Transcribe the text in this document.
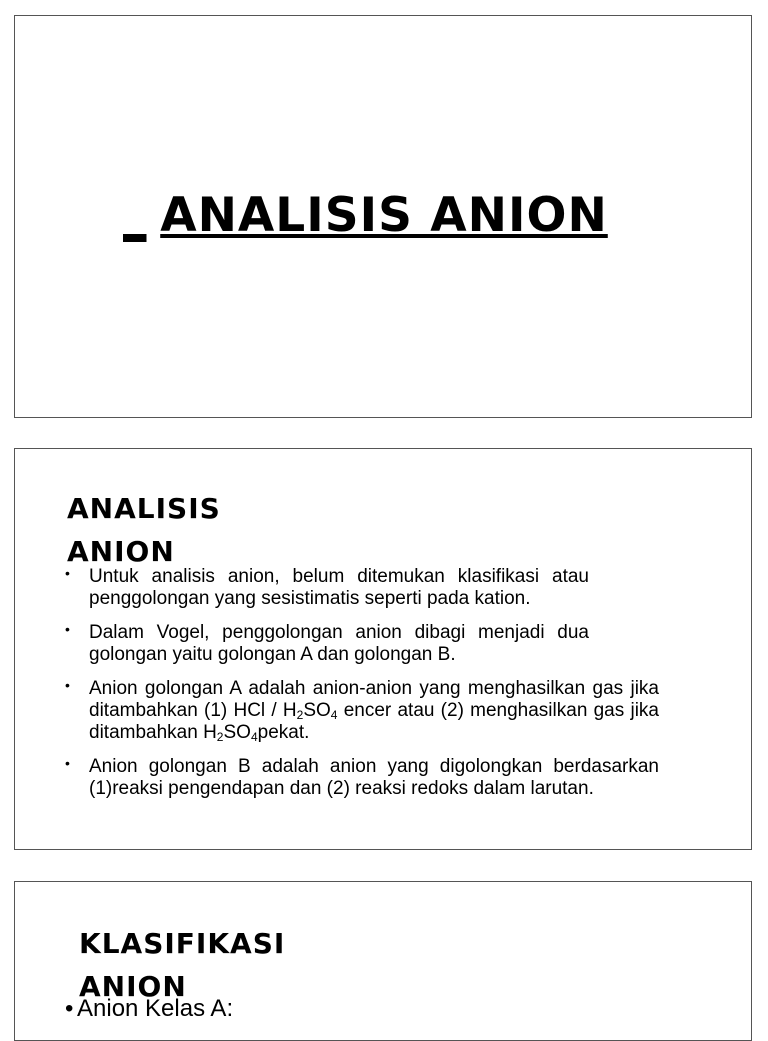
_ ANALISIS ANION
ANALISIS
ANION
• Untuk analisis anion, belum ditemukan klasifikasi atau penggolongan yang sesistimatis seperti pada kation.
• Dalam Vogel, penggolongan anion dibagi menjadi dua golongan yaitu golongan A dan golongan B.
• Anion golongan A adalah anion-anion yang menghasilkan gas jika ditambahkan (1) HCl / $H_2SO_4$ encer atau (2) menghasilkan gas jika ditambahkan $H_2SO_4pekat$.
• Anion golongan B adalah anion yang digolongkan berdasarkan
(1)reaksi pengendapan dan (2) reaksi redoks dalam larutan.
KLASIFIKASI
ANION
• Anion Kelas A:
